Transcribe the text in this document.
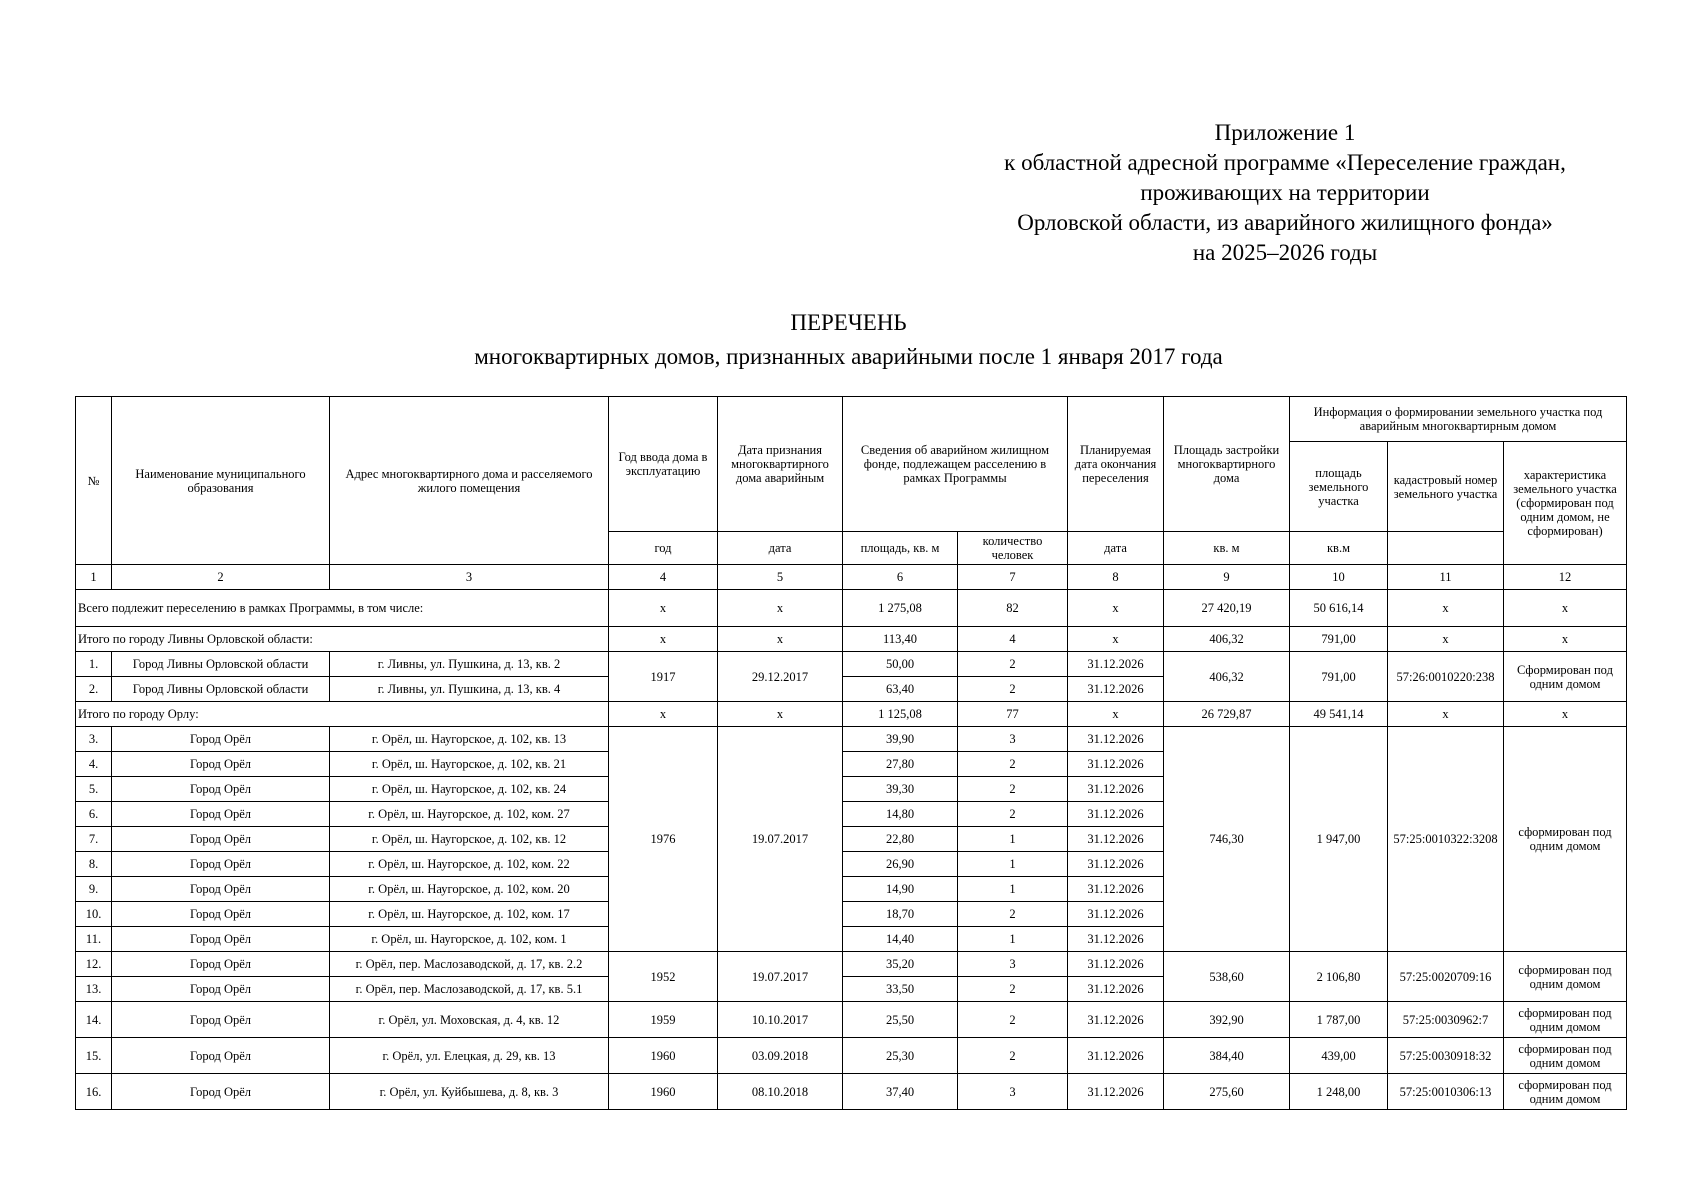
Приложение 1
к областной адресной программе «Переселение граждан,
проживающих на территории
Орловской области, из аварийного жилищного фонда»
на 2025–2026 годы
ПЕРЕЧЕНЬ
многоквартирных домов, признанных аварийными после 1 января 2017 года
№	Наименование муниципального образования	Адрес многоквартирного дома и расселяемого жилого помещения	Год ввода дома в эксплуатацию	Дата признания многоквартирного дома аварийным	Сведения об аварийном жилищном фонде, подлежащем расселению в рамках Программы		Планируемая дата окончания переселения	Площадь застройки многоквартирного дома	Информация о формировании земельного участка под аварийным многоквартирным домом		
									площадь земельного участка	кадастровый номер земельного участка	характеристика земельного участка (сформирован под одним домом, не сформирован)
			год	дата	площадь, кв. м	количество человек	дата	кв. м	кв.м		
1	2	3	4	5	6	7	8	9	10	11	12
Всего подлежит переселению в рамках Программы, в том числе:			x	x	1 275,08	82	x	27 420,19	50 616,14	x	x
Итого по городу Ливны Орловской области:			x	x	113,40	4	x	406,32	791,00	x	x
1.	Город Ливны Орловской области	г. Ливны, ул. Пушкина, д. 13, кв. 2	1917	29.12.2017	50,00	2	31.12.2026	406,32	791,00	57:26:0010220:238	Сформирован под одним домом
2.	Город Ливны Орловской области	г. Ливны, ул. Пушкина, д. 13, кв. 4			63,40	2	31.12.2026				
Итого по городу Орлу:			x	x	1 125,08	77	x	26 729,87	49 541,14	x	x
3.	Город Орёл	г. Орёл, ш. Наугорское, д. 102, кв. 13	1976	19.07.2017	39,90	3	31.12.2026	746,30	1 947,00	57:25:0010322:3208	сформирован под одним домом
4.	Город Орёл	г. Орёл, ш. Наугорское, д. 102, кв. 21			27,80	2	31.12.2026				
5.	Город Орёл	г. Орёл, ш. Наугорское, д. 102, кв. 24			39,30	2	31.12.2026				
6.	Город Орёл	г. Орёл, ш. Наугорское, д. 102, ком. 27			14,80	2	31.12.2026				
7.	Город Орёл	г. Орёл, ш. Наугорское, д. 102, кв. 12			22,80	1	31.12.2026				
8.	Город Орёл	г. Орёл, ш. Наугорское, д. 102, ком. 22			26,90	1	31.12.2026				
9.	Город Орёл	г. Орёл, ш. Наугорское, д. 102, ком. 20			14,90	1	31.12.2026				
10.	Город Орёл	г. Орёл, ш. Наугорское, д. 102, ком. 17			18,70	2	31.12.2026				
11.	Город Орёл	г. Орёл, ш. Наугорское, д. 102, ком. 1			14,40	1	31.12.2026				
12.	Город Орёл	г. Орёл, пер. Маслозаводской, д. 17, кв. 2.2	1952	19.07.2017	35,20	3	31.12.2026	538,60	2 106,80	57:25:0020709:16	сформирован под одним домом
13.	Город Орёл	г. Орёл, пер. Маслозаводской, д. 17, кв. 5.1			33,50	2	31.12.2026				
14.	Город Орёл	г. Орёл, ул. Моховская, д. 4, кв. 12	1959	10.10.2017	25,50	2	31.12.2026	392,90	1 787,00	57:25:0030962:7	сформирован под одним домом
15.	Город Орёл	г. Орёл, ул. Елецкая, д. 29, кв. 13	1960	03.09.2018	25,30	2	31.12.2026	384,40	439,00	57:25:0030918:32	сформирован под одним домом
16.	Город Орёл	г. Орёл, ул. Куйбышева, д. 8, кв. 3	1960	08.10.2018	37,40	3	31.12.2026	275,60	1 248,00	57:25:0010306:13	сформирован под одним домом
